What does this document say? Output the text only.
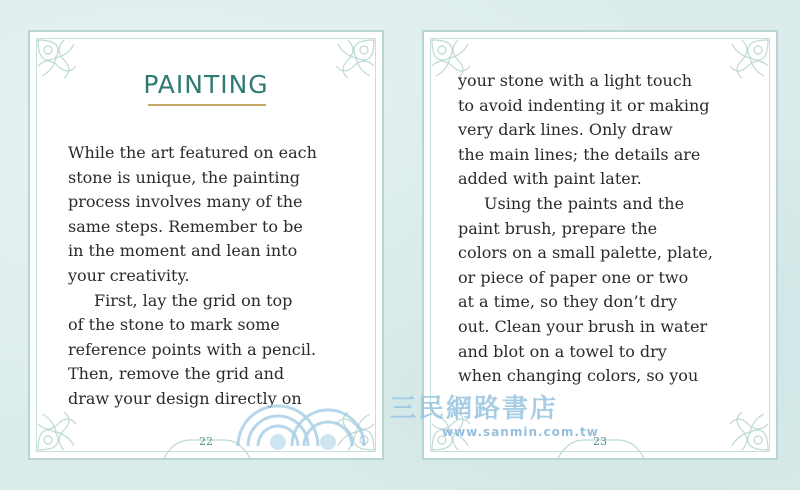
PAINTING

While the art featured on each
stone is unique, the painting
process involves many of the
same steps. Remember to be
in the moment and lean into
your creativity.
First, lay the grid on top
of the stone to mark some
reference points with a pencil.
Then, remove the grid and
draw your design directly on

22

your stone with a light touch
to avoid indenting it or making
very dark lines. Only draw
the main lines; the details are
added with paint later.
Using the paints and the
paint brush, prepare the
colors on a small palette, plate,
or piece of paper one or two
at a time, so they don’t dry
out. Clean your brush in water
and blot on a towel to dry
when changing colors, so you

23
三民網路書店
www.sanmin.com.tw
